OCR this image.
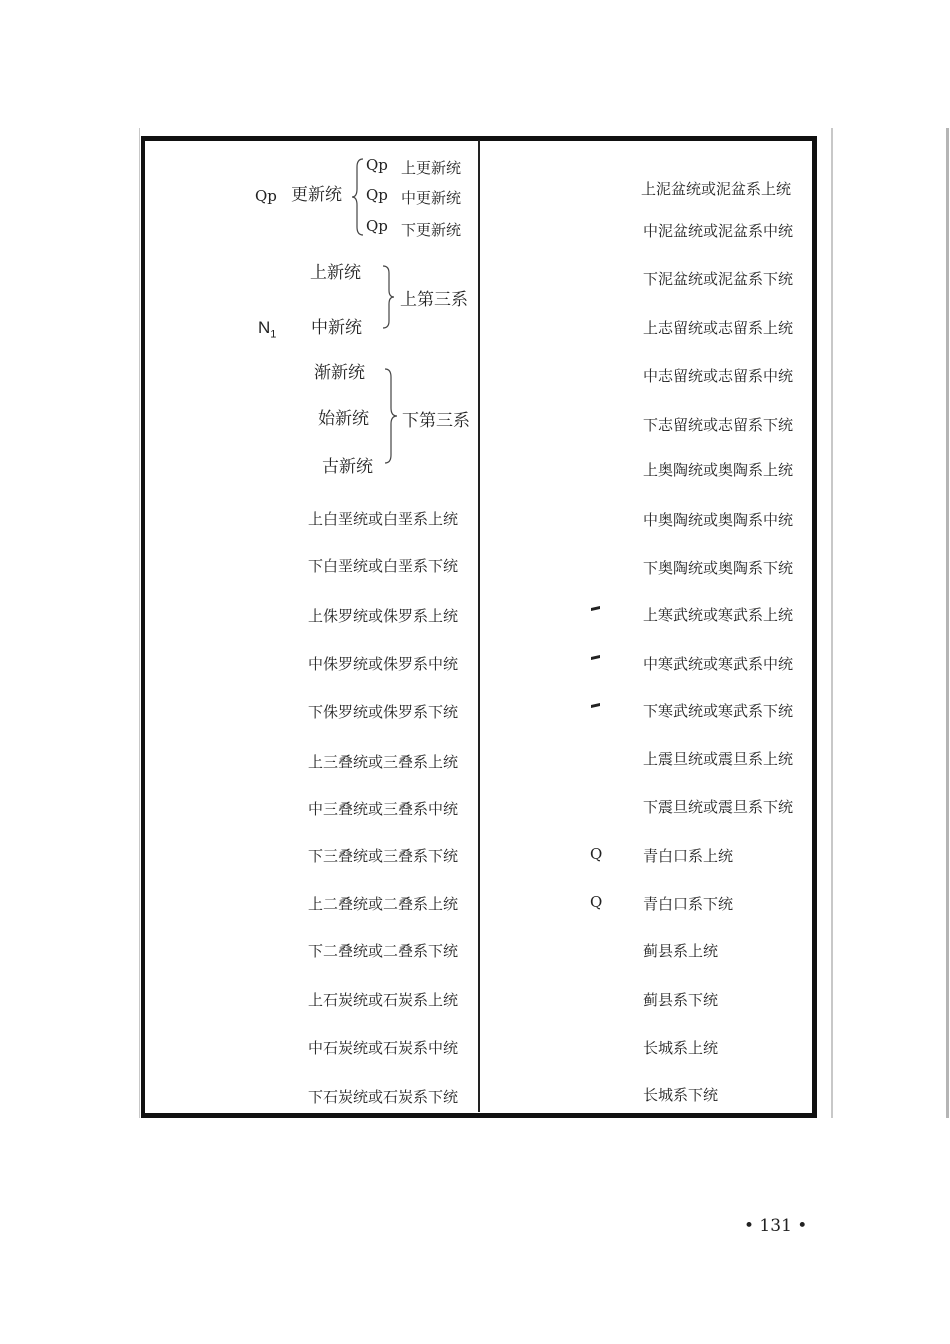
Qp 更新统
Qp 上更新统
Qp 中更新统
Qp 下更新统
上新统
$N_1$ 中新统
上第三系
渐新统
始新统
古新统
下第三系
上白垩统或白垩系上统
下白垩统或白垩系下统
上侏罗统或侏罗系上统
中侏罗统或侏罗系中统
下侏罗统或侏罗系下统
上三叠统或三叠系上统
中三叠统或三叠系中统
下三叠统或三叠系下统
上二叠统或二叠系上统
下二叠统或二叠系下统
上石炭统或石炭系上统
中石炭统或石炭系中统
下石炭统或石炭系下统
上泥盆统或泥盆系上统
中泥盆统或泥盆系中统
下泥盆统或泥盆系下统
上志留统或志留系上统
中志留统或志留系中统
下志留统或志留系下统
上奥陶统或奥陶系上统
中奥陶统或奥陶系中统
下奥陶统或奥陶系下统
上寒武统或寒武系上统
中寒武统或寒武系中统
下寒武统或寒武系下统
上震旦统或震旦系上统
下震旦统或震旦系下统
青白口系上统
青白口系下统
蓟县系上统
蓟县系下统
长城系上统
长城系下统
Q
Q
• 131 •
